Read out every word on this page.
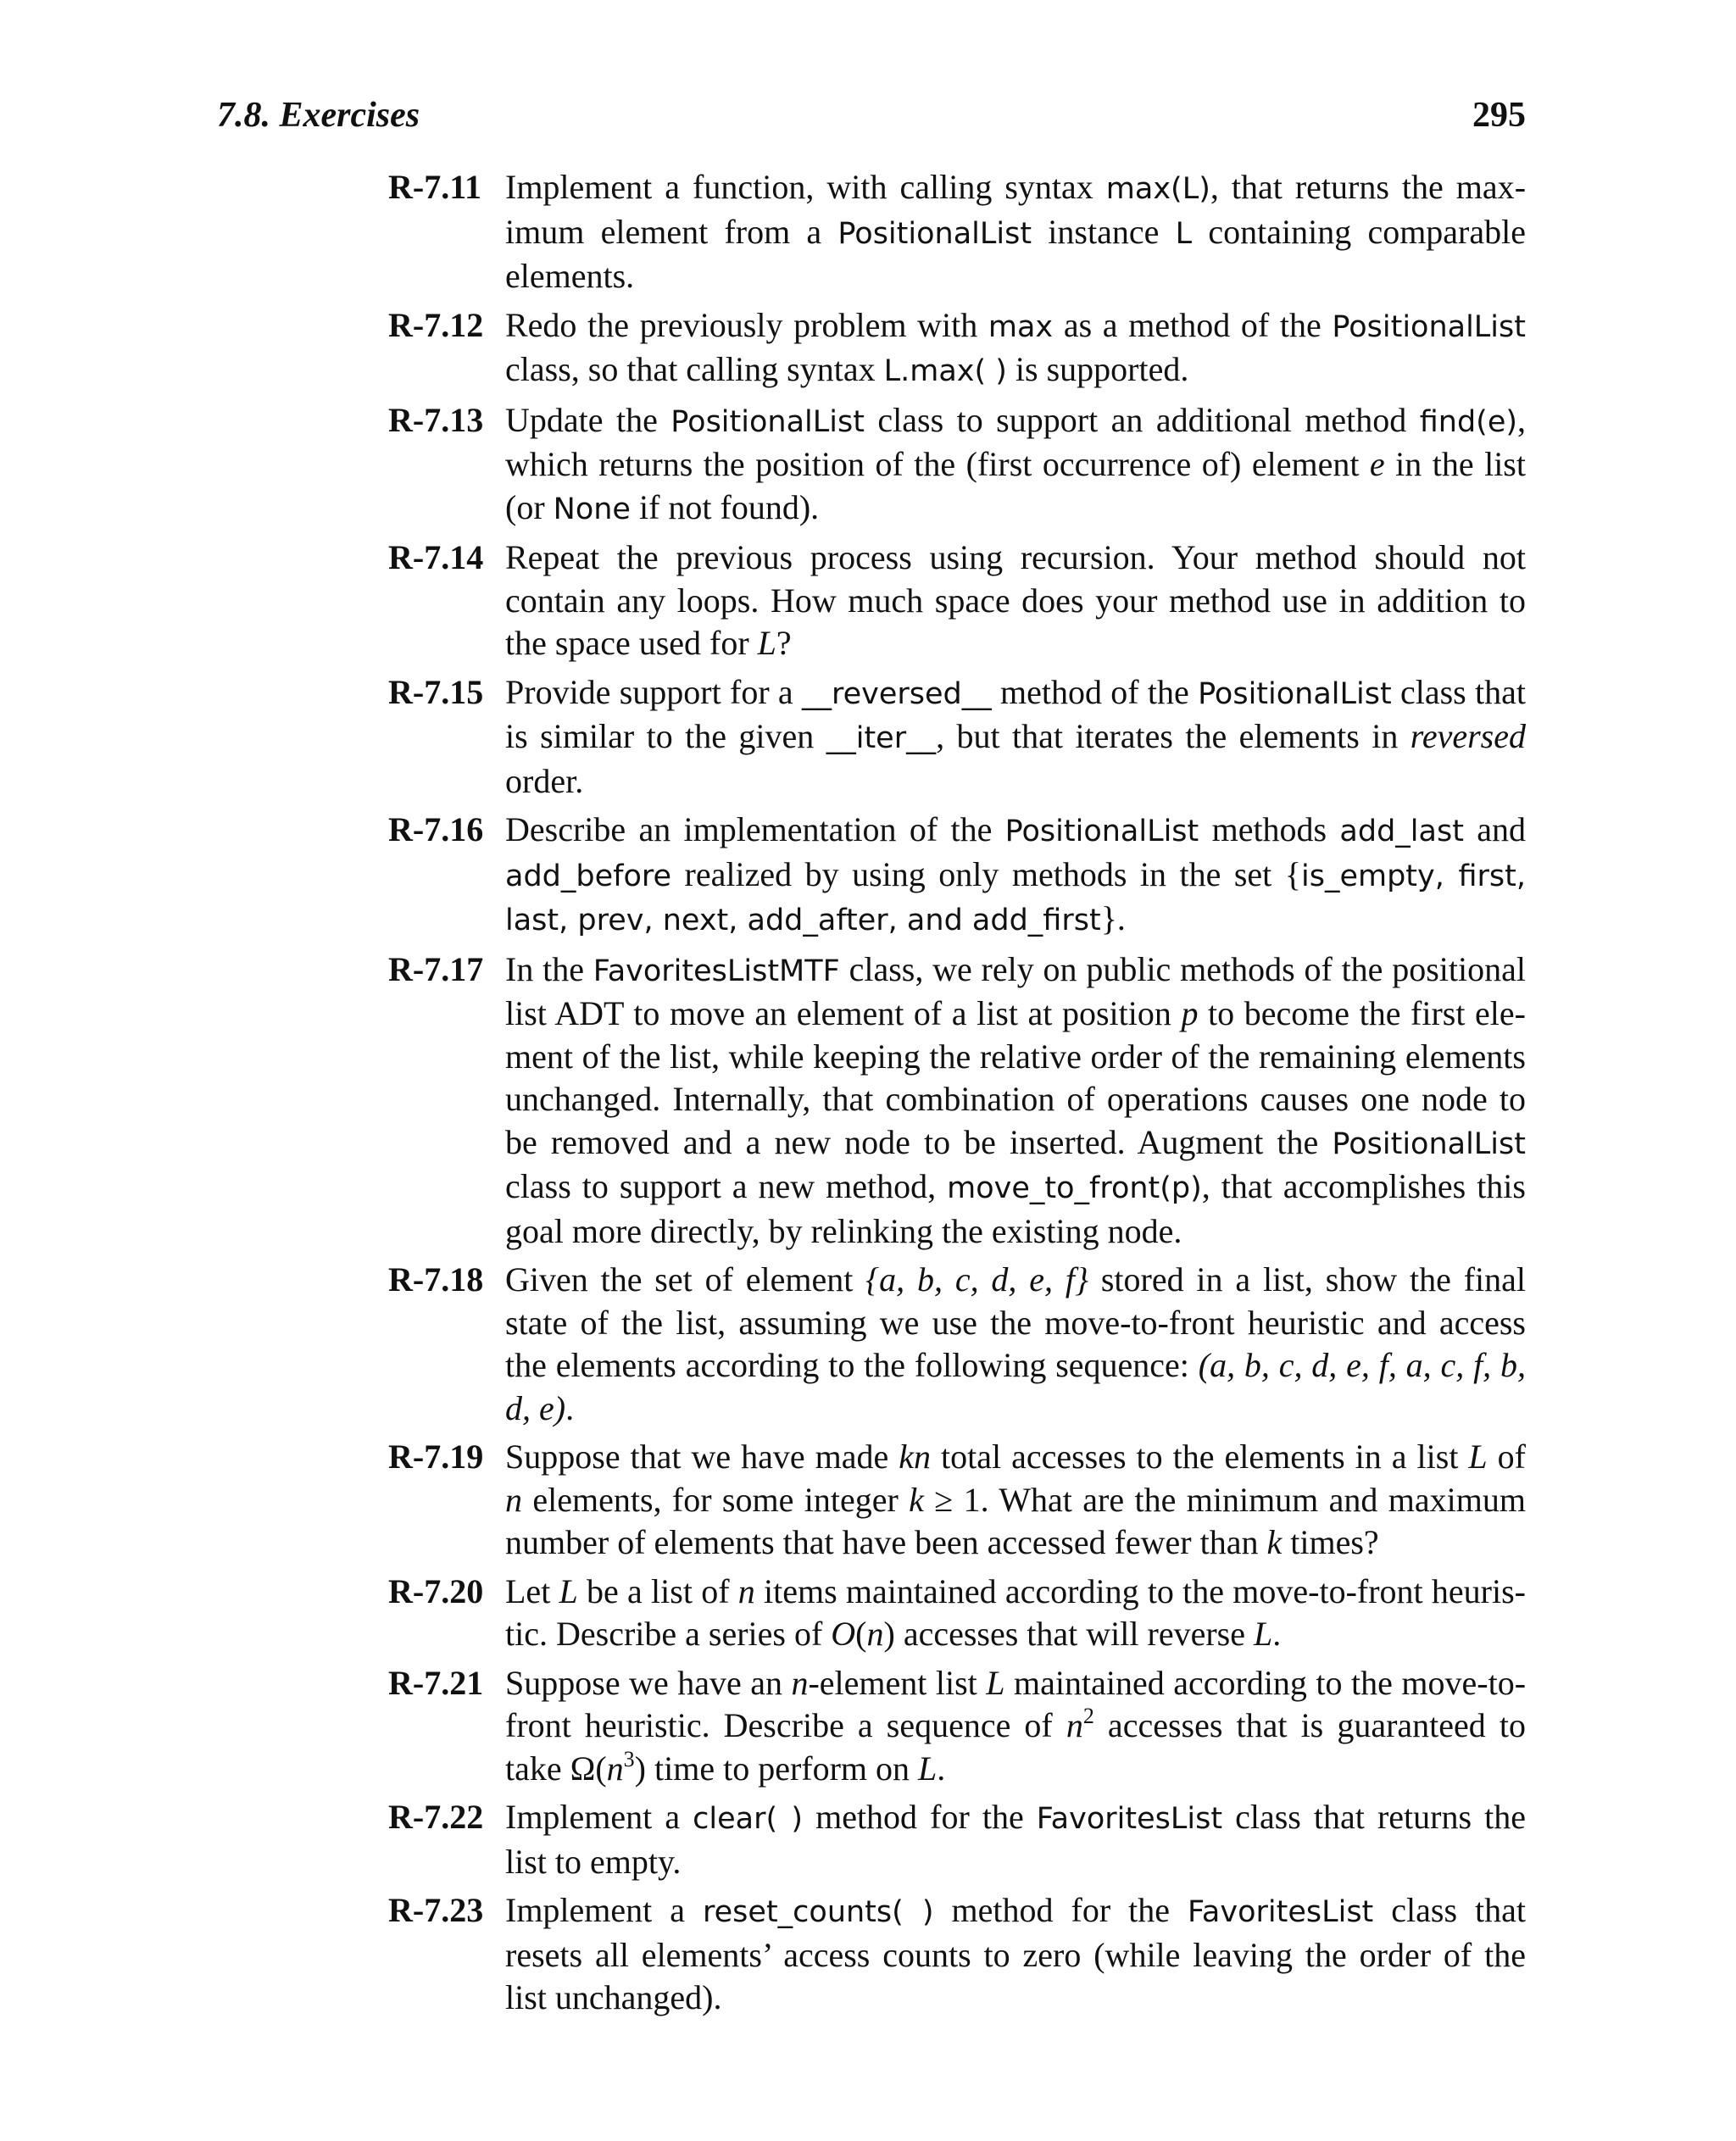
7.8. Exercises	295
R-7.11 Implement a function, with calling syntax max(L), that returns the maximum element from a PositionalList instance L containing comparable elements.
R-7.12 Redo the previously problem with max as a method of the PositionalList class, so that calling syntax L.max( ) is supported.
R-7.13 Update the PositionalList class to support an additional method find(e), which returns the position of the (first occurrence of) element e in the list (or None if not found).
R-7.14 Repeat the previous process using recursion. Your method should not contain any loops. How much space does your method use in addition to the space used for L?
R-7.15 Provide support for a __reversed__ method of the PositionalList class that is similar to the given __iter__, but that iterates the elements in reversed order.
R-7.16 Describe an implementation of the PositionalList methods add_last and add_before realized by using only methods in the set {is_empty, first, last, prev, next, add_after, and add_first}.
R-7.17 In the FavoritesListMTF class, we rely on public methods of the positional list ADT to move an element of a list at position p to become the first element of the list, while keeping the relative order of the remaining elements unchanged. Internally, that combination of operations causes one node to be removed and a new node to be inserted. Augment the PositionalList class to support a new method, move_to_front(p), that accomplishes this goal more directly, by relinking the existing node.
R-7.18 Given the set of element {a, b, c, d, e, f} stored in a list, show the final state of the list, assuming we use the move-to-front heuristic and access the elements according to the following sequence: (a, b, c, d, e, f, a, c, f, b, d, e).
R-7.19 Suppose that we have made kn total accesses to the elements in a list L of n elements, for some integer k ≥ 1. What are the minimum and maximum number of elements that have been accessed fewer than k times?
R-7.20 Let L be a list of n items maintained according to the move-to-front heuristic. Describe a series of O(n) accesses that will reverse L.
R-7.21 Suppose we have an n-element list L maintained according to the move-to-front heuristic. Describe a sequence of $n^2$ accesses that is guaranteed to take $\Omega(n^3)$ time to perform on L.
R-7.22 Implement a clear( ) method for the FavoritesList class that returns the list to empty.
R-7.23 Implement a reset_counts( ) method for the FavoritesList class that resets all elements’ access counts to zero (while leaving the order of the list unchanged).
